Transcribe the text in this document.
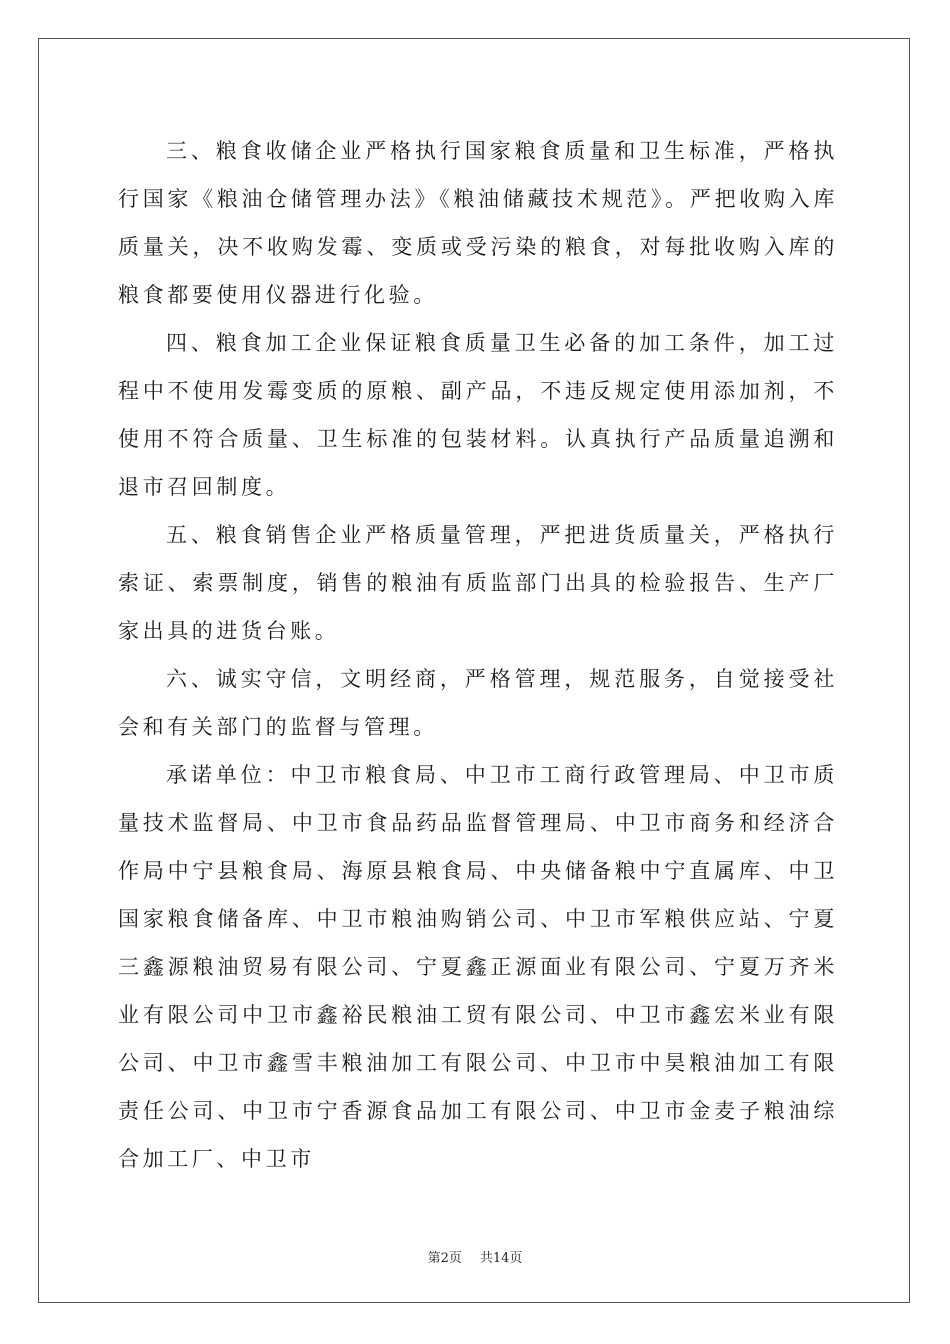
三、粮食收储企业严格执行国家粮食质量和卫生标准，严格执行国家《粮油仓储管理办法》《粮油储藏技术规范》。严把收购入库质量关，决不收购发霉、变质或受污染的粮食，对每批收购入库的粮食都要使用仪器进行化验。

四、粮食加工企业保证粮食质量卫生必备的加工条件，加工过程中不使用发霉变质的原粮、副产品，不违反规定使用添加剂，不使用不符合质量、卫生标准的包装材料。认真执行产品质量追溯和退市召回制度。

五、粮食销售企业严格质量管理，严把进货质量关，严格执行索证、索票制度，销售的粮油有质监部门出具的检验报告、生产厂家出具的进货台账。

六、诚实守信，文明经商，严格管理，规范服务，自觉接受社会和有关部门的监督与管理。

承诺单位：中卫市粮食局、中卫市工商行政管理局、中卫市质量技术监督局、中卫市食品药品监督管理局、中卫市商务和经济合作局中宁县粮食局、海原县粮食局、中央储备粮中宁直属库、中卫国家粮食储备库、中卫市粮油购销公司、中卫市军粮供应站、宁夏三鑫源粮油贸易有限公司、宁夏鑫正源面业有限公司、宁夏万齐米业有限公司中卫市鑫裕民粮油工贸有限公司、中卫市鑫宏米业有限公司、中卫市鑫雪丰粮油加工有限公司、中卫市中昊粮油加工有限责任公司、中卫市宁香源食品加工有限公司、中卫市金麦子粮油综合加工厂、中卫市

第2页 共14页
